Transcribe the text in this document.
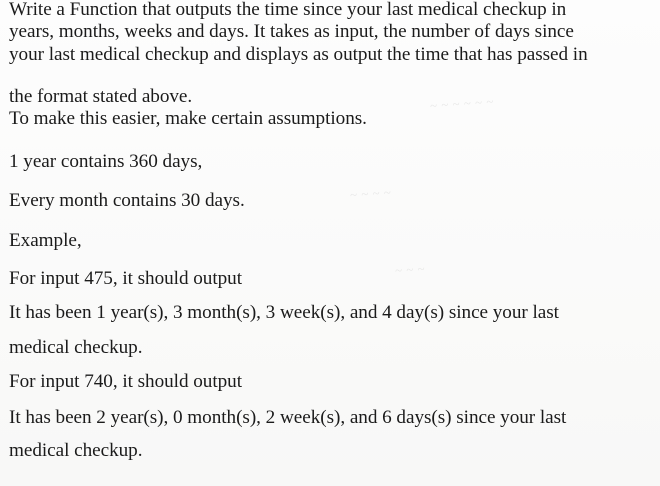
~ ~ ~ ~ ~ ~
~ ~ ~ ~
~ ~ ~
Write a Function that outputs the time since your last medical checkup in
years, months, weeks and days. It takes as input, the number of days since
your last medical checkup and displays as output the time that has passed in
the format stated above.
To make this easier, make certain assumptions.
1 year contains 360 days,
Every month contains 30 days.
Example,
For input 475, it should output
It has been 1 year(s), 3 month(s), 3 week(s), and 4 day(s) since your last
medical checkup.
For input 740, it should output
It has been 2 year(s), 0 month(s), 2 week(s), and 6 days(s) since your last
medical checkup.
